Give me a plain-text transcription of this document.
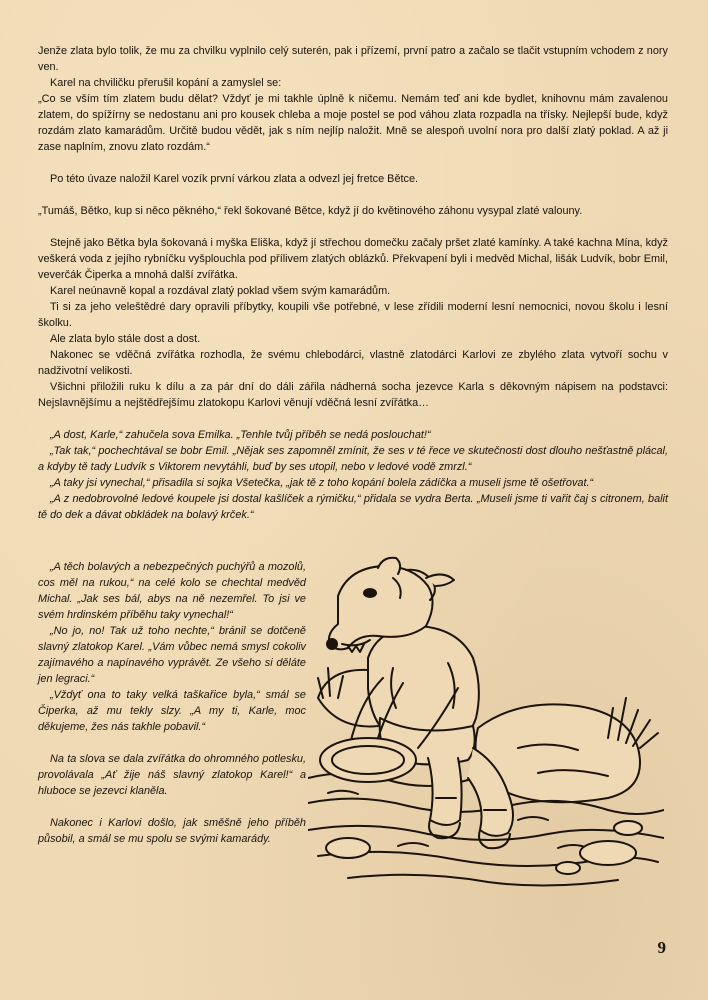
Jenže zlata bylo tolik, že mu za chvilku vyplnilo celý suterén, pak i přízemí, první patro a začalo se tlačit vstupním vchodem z nory ven.

Karel na chviličku přerušil kopání a zamyslel se:

„Co se vším tím zlatem budu dělat? Vždyť je mi takhle úplně k ničemu. Nemám teď ani kde bydlet, knihovnu mám zavalenou zlatem, do spížírny se nedostanu ani pro kousek chleba a moje postel se pod váhou zlata rozpadla na třísky. Nejlepší bude, když rozdám zlato kamarádům. Určitě budou vědět, jak s ním nejlíp naložit. Mně se alespoň uvolní nora pro další zlatý poklad. A až ji zase naplním, znovu zlato rozdám.“

Po této úvaze naložil Karel vozík první várkou zlata a odvezl jej fretce Bětce.

„Tumáš, Bětko, kup si něco pěkného,“ řekl šokované Bětce, když jí do květinového záhonu vysypal zlaté valouny.

Stejně jako Bětka byla šokovaná i myška Eliška, když jí střechou domečku začaly pršet zlaté kamínky. A také kachna Mína, když veškerá voda z jejího rybníčku vyšplouchla pod přílivem zlatých oblázků. Překvapení byli i medvěd Michal, lišák Ludvík, bobr Emil, veverčák Čiperka a mnohá další zvířátka.

Karel neúnavně kopal a rozdával zlatý poklad všem svým kamarádům.

Ti si za jeho veleštědré dary opravili příbytky, koupili vše potřebné, v lese zřídili moderní lesní nemocnici, novou školu i lesní školku.

Ale zlata bylo stále dost a dost.

Nakonec se vděčná zvířátka rozhodla, že svému chlebodárci, vlastně zlatodárci Karlovi ze zbylého zlata vytvoří sochu v nadživotní velikosti.

Všichni přiložili ruku k dílu a za pár dní do dáli zářila nádherná socha jezevce Karla s děkovným nápisem na podstavci: Nejslavnějšímu a nejštědřejšímu zlatokopu Karlovi věnují vděčná lesní zvířátka…

„A dost, Karle,“ zahučela sova Emilka. „Tenhle tvůj příběh se nedá poslouchat!“

„Tak tak,“ pochechtával se bobr Emil. „Nějak ses zapomněl zmínit, že ses v té řece ve skutečnosti dost dlouho nešťastně plácal, a kdyby tě tady Ludvík s Viktorem nevytáhli, buď by ses utopil, nebo v ledové vodě zmrzl.“

„A taky jsi vynechal,“ přisadila si sojka Všetečka, „jak tě z toho kopání bolela zádíčka a museli jsme tě ošetřovat.“

„A z nedobrovolné ledové koupele jsi dostal kašlíček a rýmičku,“ přidala se vydra Berta. „Museli jsme ti vařit čaj s citronem, balit tě do dek a dávat obkládek na bolavý krček.“

„A těch bolavých a nebezpečných puchýřů a mozolů, cos měl na rukou,“ na celé kolo se chechtal medvěd Michal. „Jak ses bál, abys na ně nezemřel. To jsi ve svém hrdinském příběhu taky vynechal!“

„No jo, no! Tak už toho nechte,“ bránil se dotčeně slavný zlatokop Karel. „Vám vůbec nemá smysl cokoliv zajímavého a napínavého vyprávět. Ze všeho si děláte jen legraci.“

„Vždyť ona to taky velká taškařice byla,“ smál se Čiperka, až mu tekly slzy. „A my ti, Karle, moc děkujeme, žes nás takhle pobavil.“

Na ta slova se dala zvířátka do ohromného potlesku, provolávala „Ať žije náš slavný zlatokop Karel!“ a hluboce se jezevci klaněla.

Nakonec i Karlovi došlo, jak směšně jeho příběh působil, a smál se mu spolu se svými kamarády.

9
